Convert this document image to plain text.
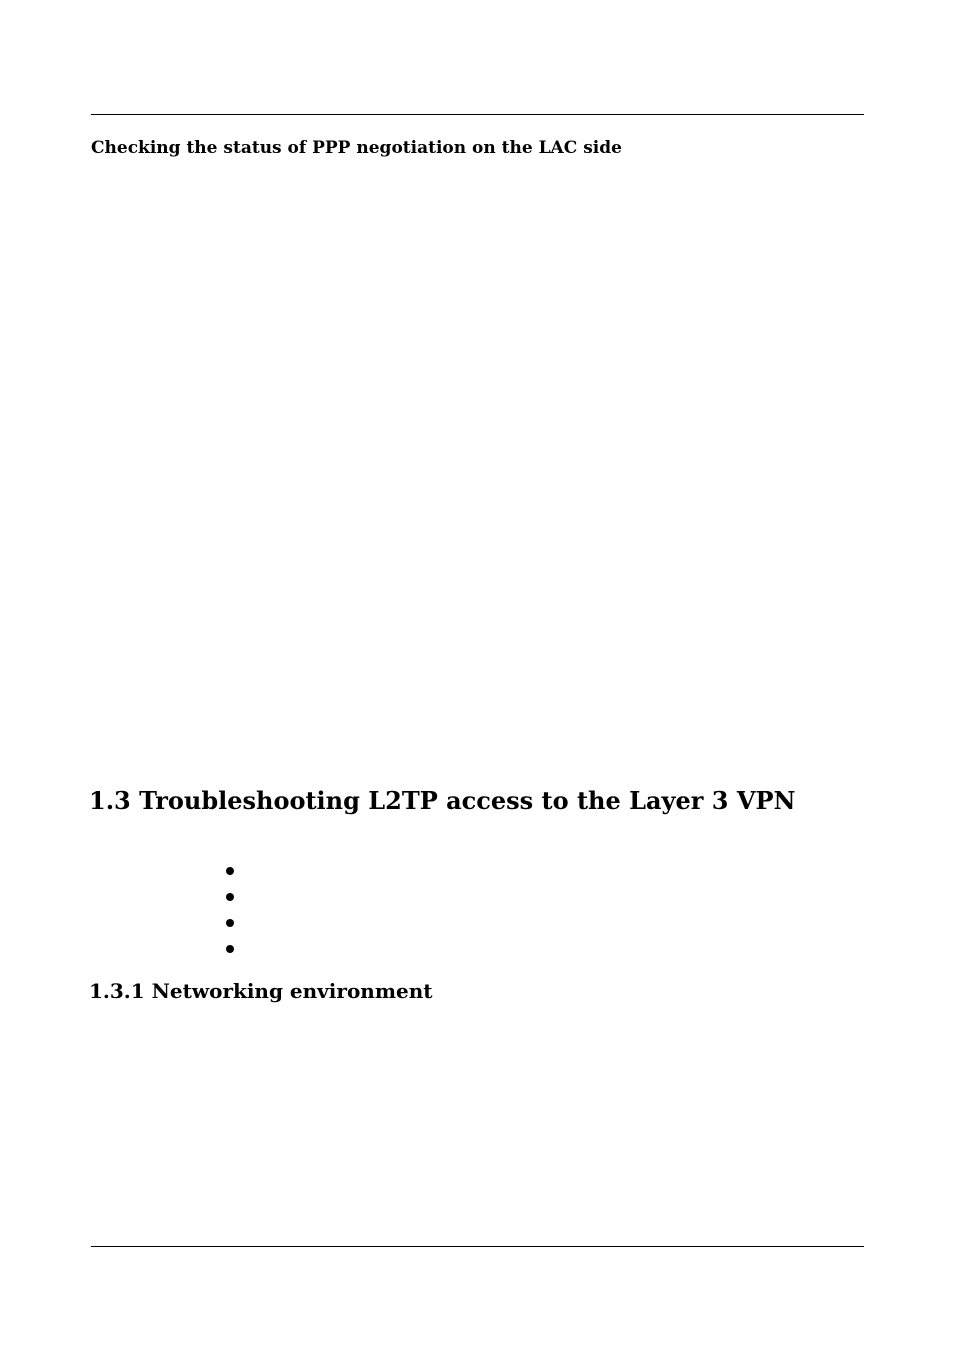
Checking the status of PPP negotiation on the LAC side
1.3 Troubleshooting L2TP access to the Layer 3 VPN
1.3.1 Networking environment
